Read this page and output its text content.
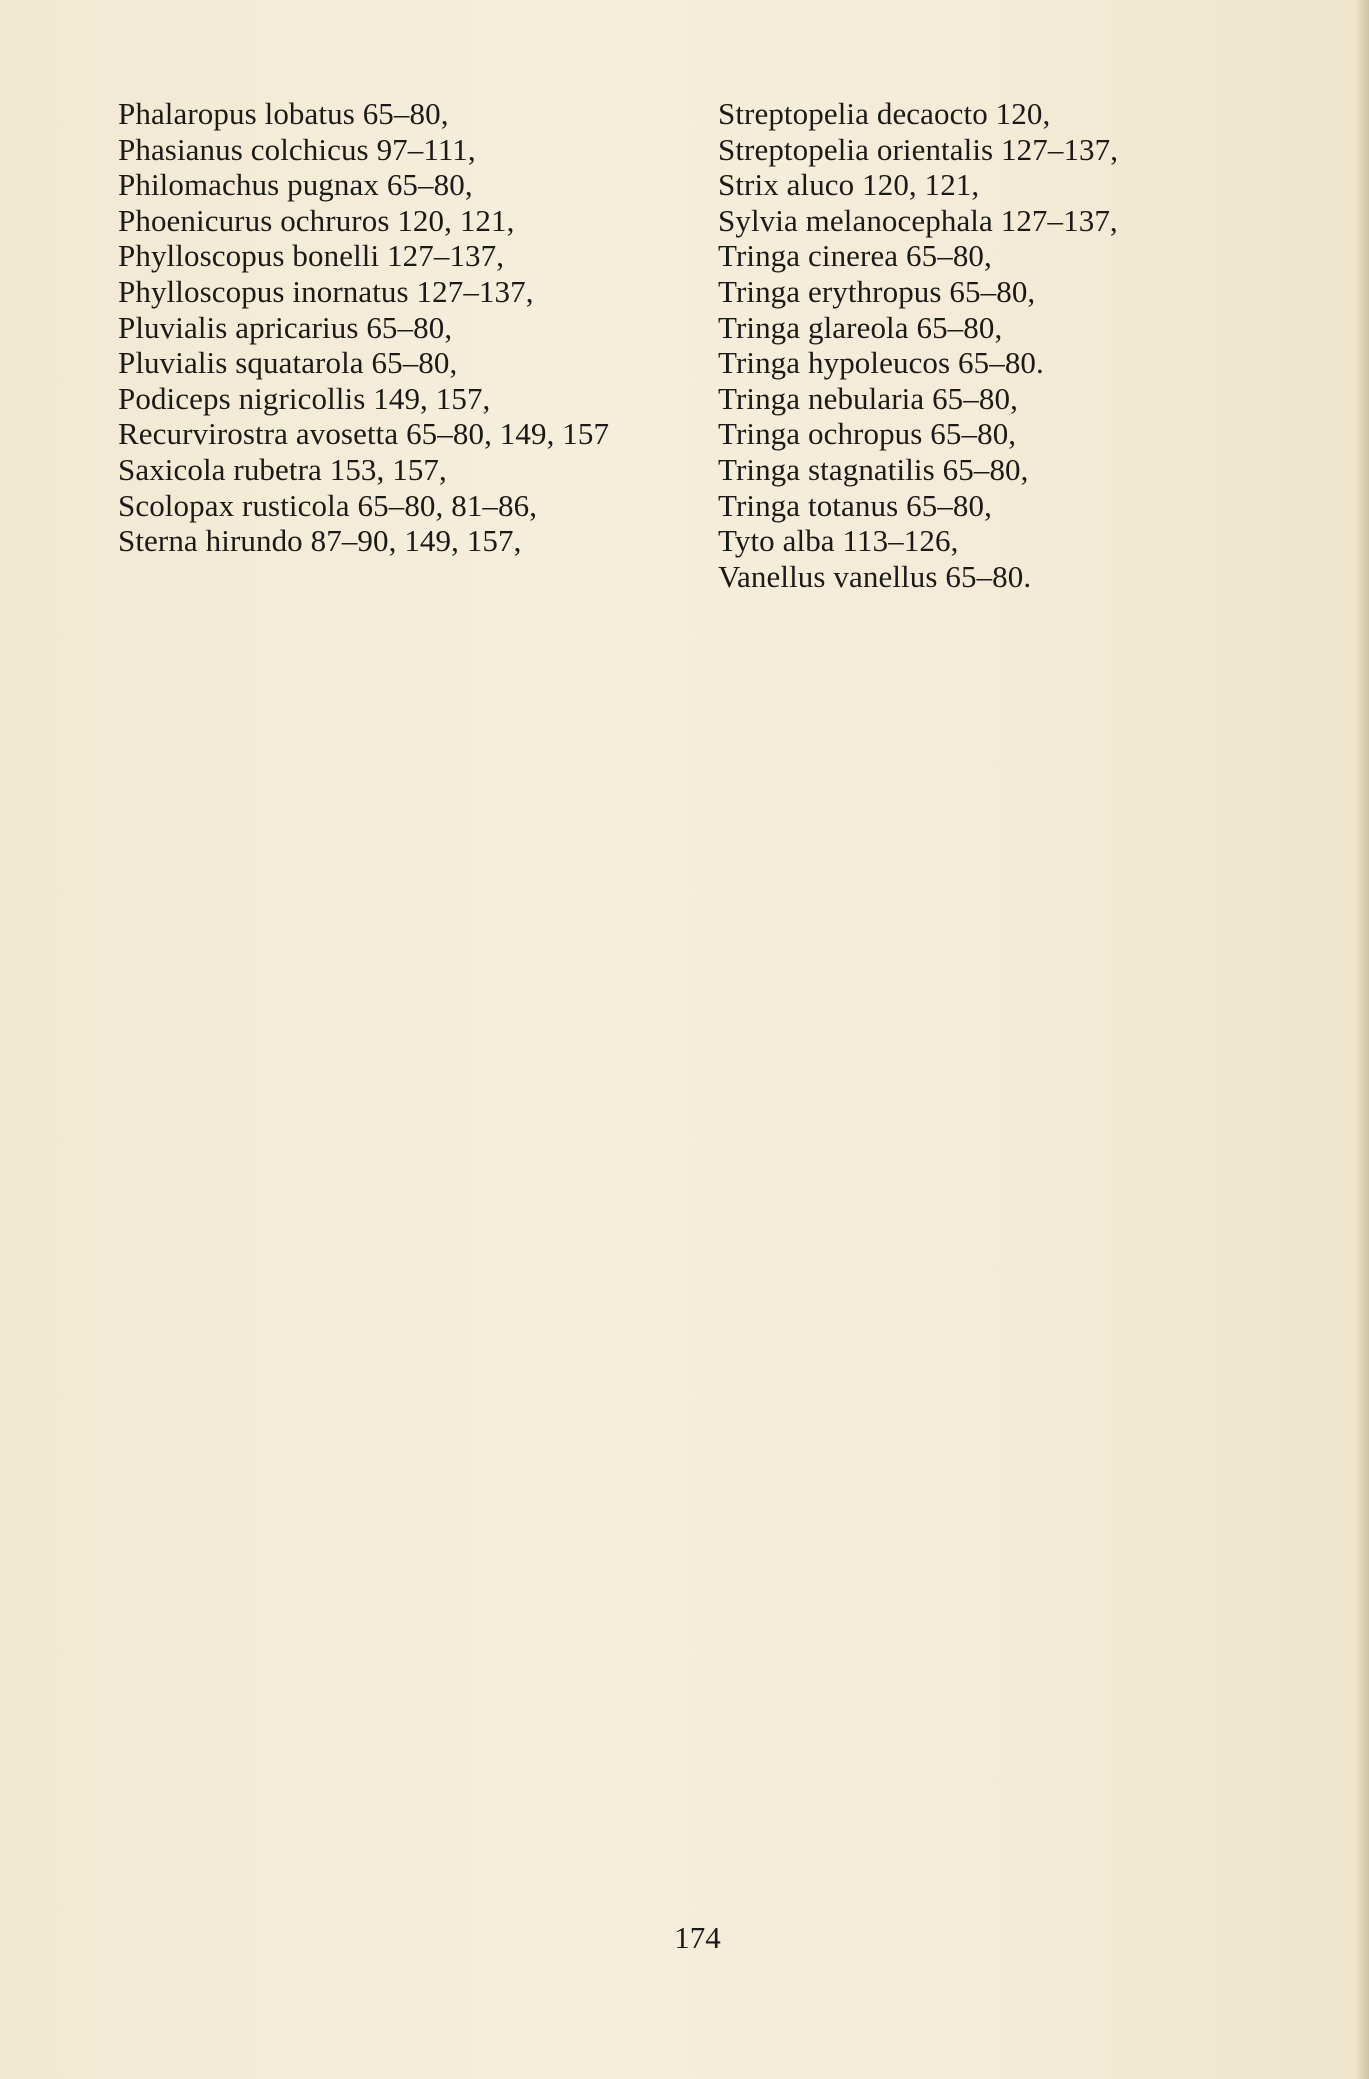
Phalaropus lobatus 65–80,
Phasianus colchicus 97–111,
Philomachus pugnax 65–80,
Phoenicurus ochruros 120, 121,
Phylloscopus bonelli 127–137,
Phylloscopus inornatus 127–137,
Pluvialis apricarius 65–80,
Pluvialis squatarola 65–80,
Podiceps nigricollis 149, 157,
Recurvirostra avosetta 65–80, 149, 157
Saxicola rubetra 153, 157,
Scolopax rusticola 65–80, 81–86,
Sterna hirundo 87–90, 149, 157,
Streptopelia decaocto 120,
Streptopelia orientalis 127–137,
Strix aluco 120, 121,
Sylvia melanocephala 127–137,
Tringa cinerea 65–80,
Tringa erythropus 65–80,
Tringa glareola 65–80,
Tringa hypoleucos 65–80.
Tringa nebularia 65–80,
Tringa ochropus 65–80,
Tringa stagnatilis 65–80,
Tringa totanus 65–80,
Tyto alba 113–126,
Vanellus vanellus 65–80.
174
